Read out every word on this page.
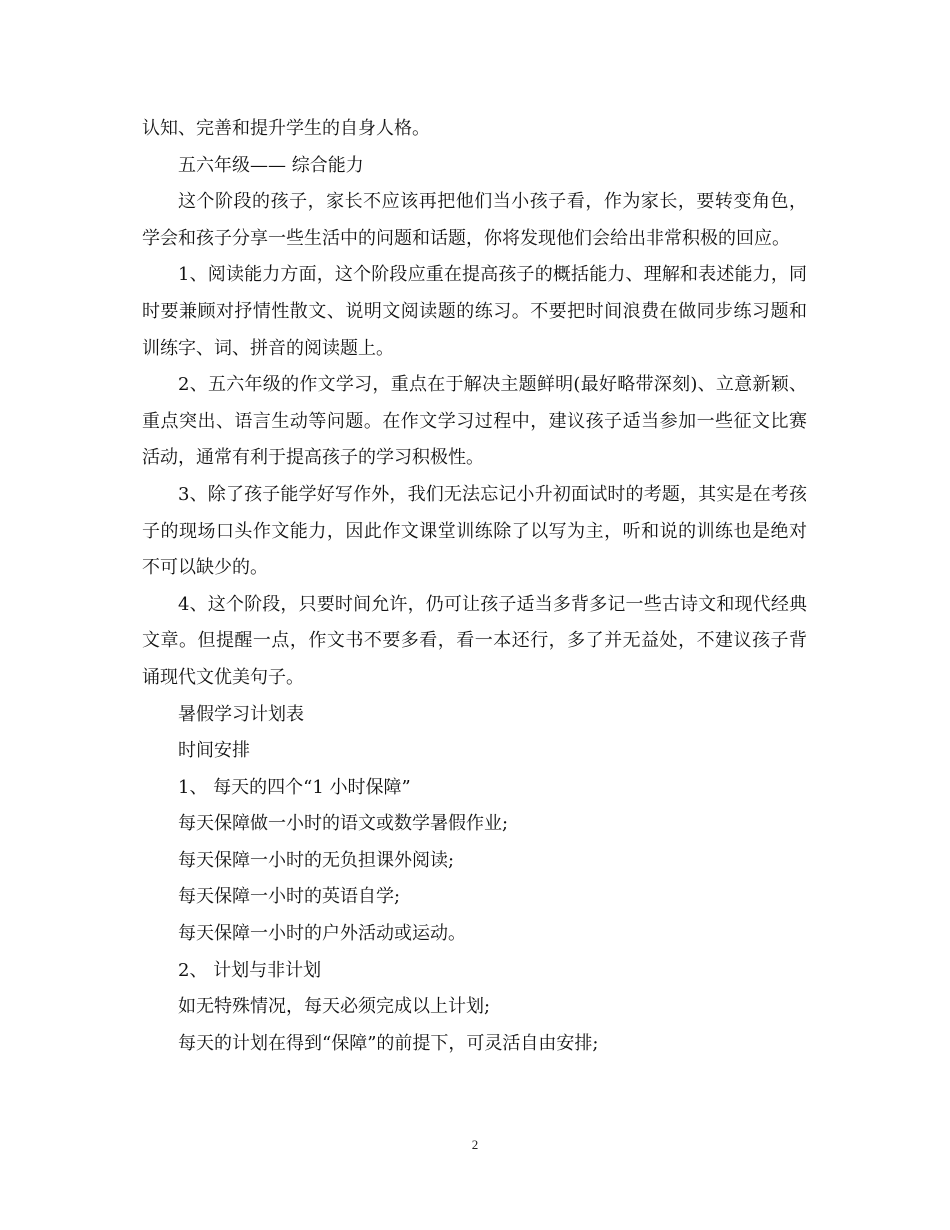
认知、完善和提升学生的自身人格。

五六年级—— 综合能力

这个阶段的孩子，家长不应该再把他们当小孩子看，作为家长，要转变角色，学会和孩子分享一些生活中的问题和话题，你将发现他们会给出非常积极的回应。

1、阅读能力方面，这个阶段应重在提高孩子的概括能力、理解和表述能力，同时要兼顾对抒情性散文、说明文阅读题的练习。不要把时间浪费在做同步练习题和训练字、词、拼音的阅读题上。

2、五六年级的作文学习，重点在于解决主题鲜明(最好略带深刻)、立意新颖、重点突出、语言生动等问题。在作文学习过程中，建议孩子适当参加一些征文比赛活动，通常有利于提高孩子的学习积极性。

3、除了孩子能学好写作外，我们无法忘记小升初面试时的考题，其实是在考孩子的现场口头作文能力，因此作文课堂训练除了以写为主，听和说的训练也是绝对不可以缺少的。

4、这个阶段，只要时间允许，仍可让孩子适当多背多记一些古诗文和现代经典文章。但提醒一点，作文书不要多看，看一本还行，多了并无益处，不建议孩子背诵现代文优美句子。

暑假学习计划表

时间安排

1、 每天的四个“1 小时保障”

每天保障做一小时的语文或数学暑假作业;

每天保障一小时的无负担课外阅读;

每天保障一小时的英语自学;

每天保障一小时的户外活动或运动。

2、 计划与非计划

如无特殊情况，每天必须完成以上计划;

每天的计划在得到“保障”的前提下，可灵活自由安排;

2
